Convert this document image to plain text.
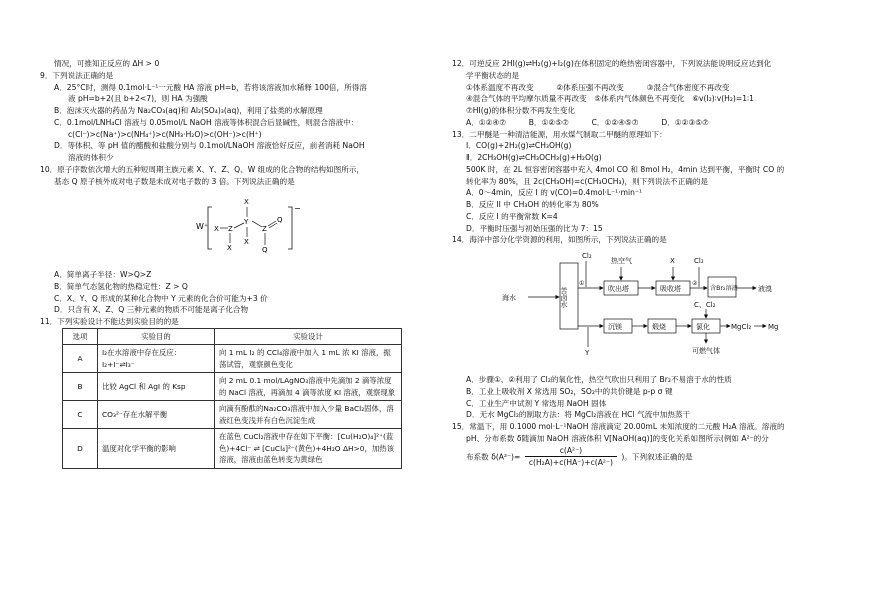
情况，可推知正反应的 ΔH > 0
9．下列说法正确的是
A．25°C时，测得 0.1mol·L⁻¹一元酸 HA 溶液 pH=b，若将该溶液加水稀释 100倍，所得溶
液 pH=b+2(且 b+2<7)，则 HA 为强酸
B．泡沫灭火器的药品为 Na₂CO₃(aq)和 Al₂(SO₄)₃(aq)，利用了盐类的水解原理
C．0.1mol/LNH₄Cl 溶液与 0.05mol/L NaOH 溶液等体积混合后显碱性，则混合溶液中：
c(Cl⁻)>c(Na⁺)>c(NH₄⁺)>c(NH₃·H₂O)>c(OH⁻)>c(H⁺)
D．等体积、等 pH 值的醋酸和盐酸分别与 0.1mol/LNaOH 溶液恰好反应，前者消耗 NaOH
溶液的体积少
10．原子序数依次增大的五种短周期主族元素 X、Y、Z、Q、W 组成的化合物的结构如图所示，
基态 Q 原子核外成对电子数是未成对电子数的 3 倍。下列说法正确的是
W⁺
−
X Z
X
Y
X
X
Z
Q
Q
A．简单离子半径：W>Q>Z
B．简单气态氢化物的热稳定性：Z > Q
C．X、Y、Q 形成的某种化合物中 Y 元素的化合价可能为+3 价
D．只含有 X、Z、Q 三种元素的物质不可能是离子化合物
11．下列实验设计不能达到实验目的的是
选项	实验目的	实验设计
A	I₂在水溶液中存在反应：I₂+I⁻⇌I₃⁻	向 1 mL I₂ 的 CCl₄溶液中加入 1 mL 浓 KI 溶液，振荡试管，观察颜色变化
B	比较 AgCl 和 AgI 的 Ksp	向 2 mL 0.1 mol/LAgNO₃溶液中先滴加 2 滴等浓度的 NaCl 溶液，再滴加 4 滴等浓度 KI 溶液，观察现象
C	CO₃²⁻存在水解平衡	向滴有酚酞的Na₂CO₃溶液中加入少量 BaCl₂固体，溶液红色变浅并有白色沉淀生成
D	温度对化学平衡的影响	在蓝色 CuCl₂溶液中存在如下平衡：[Cu(H₂O)₄]²⁺(蓝色)+4Cl⁻ ⇌ [CuCl₄]²⁻(黄色)+4H₂O ΔH>0，加热该溶液，溶液由蓝色转变为黄绿色
12．可逆反应 2HI(g)⇌H₂(g)+I₂(g)在体积固定的绝热密闭容器中，下列说法能说明反应达到化
学平衡状态的是
①体系温度不再改变　　　②体系压强不再改变　　　③混合气体密度不再改变
④混合气体的平均摩尔质量不再改变　⑤体系内气体颜色不再变化　⑥v(I₂)∶v(H₂)=1∶1
⑦HI(g)的体积分数不再发生变化
A．①②④⑦　　　B．①②⑤⑦　　　C．①②④⑤⑦　　　D．①②③⑤⑦
13．二甲醚是一种清洁能源，用水煤气制取二甲醚的原理如下：
Ⅰ．CO(g)+2H₂(g)⇌CH₃OH(g)
Ⅱ．2CH₃OH(g)⇌CH₃OCH₃(g)+H₂O(g)
500K 时，在 2L 恒容密闭容器中充入 4mol CO 和 8mol H₂，4min 达到平衡，平衡时 CO 的
转化率为 80%，且 2c(CH₃OH)=c(CH₃OCH₃)，则下列说法不正确的是
A．0～4min，反应 I 的 v(CO)=0.4mol·L⁻¹·min⁻¹
B．反应 II 中 CH₃OH 的转化率为 80%
C．反应 I 的平衡常数 K=4
D．平衡时压强与初始压强的比为 7：15
14．海洋中部分化学资源的利用，如图所示，下列说法正确的是
海水	苦卤水
Cl₂
①
热空气
吹出塔
X
吸收塔
Cl₂
②
含Br₂溶液	液溴
Y
沉镁	煅烧
C、Cl₂
氯化	MgCl₂ Mg
可燃气体
A．步骤①、②利用了 Cl₂的氧化性，热空气吹出只利用了 Br₂不易溶于水的性质
B．工业上吸收剂 X 常选用 SO₂，SO₂中的共价键是 p-p σ 键
C．工业生产中试剂 Y 常选用 NaOH 固体
D．无水 MgCl₂的制取方法：将 MgCl₂溶液在 HCl 气流中加热蒸干
15．常温下，用 0.1000 mol·L⁻¹NaOH 溶液滴定 20.00mL 未知浓度的二元酸 H₂A 溶液。溶液的
pH、分布系数 δ随滴加 NaOH 溶液体积 V[NaOH(aq)]的变化关系如图所示(例如 A²⁻的分
布系数 $\delta(A^{2-})= \frac{\text{c(A²⁻)}}{\text{c(H₂A)+c(HA⁻)+c(A²⁻)}}$ )。下列叙述正确的是
